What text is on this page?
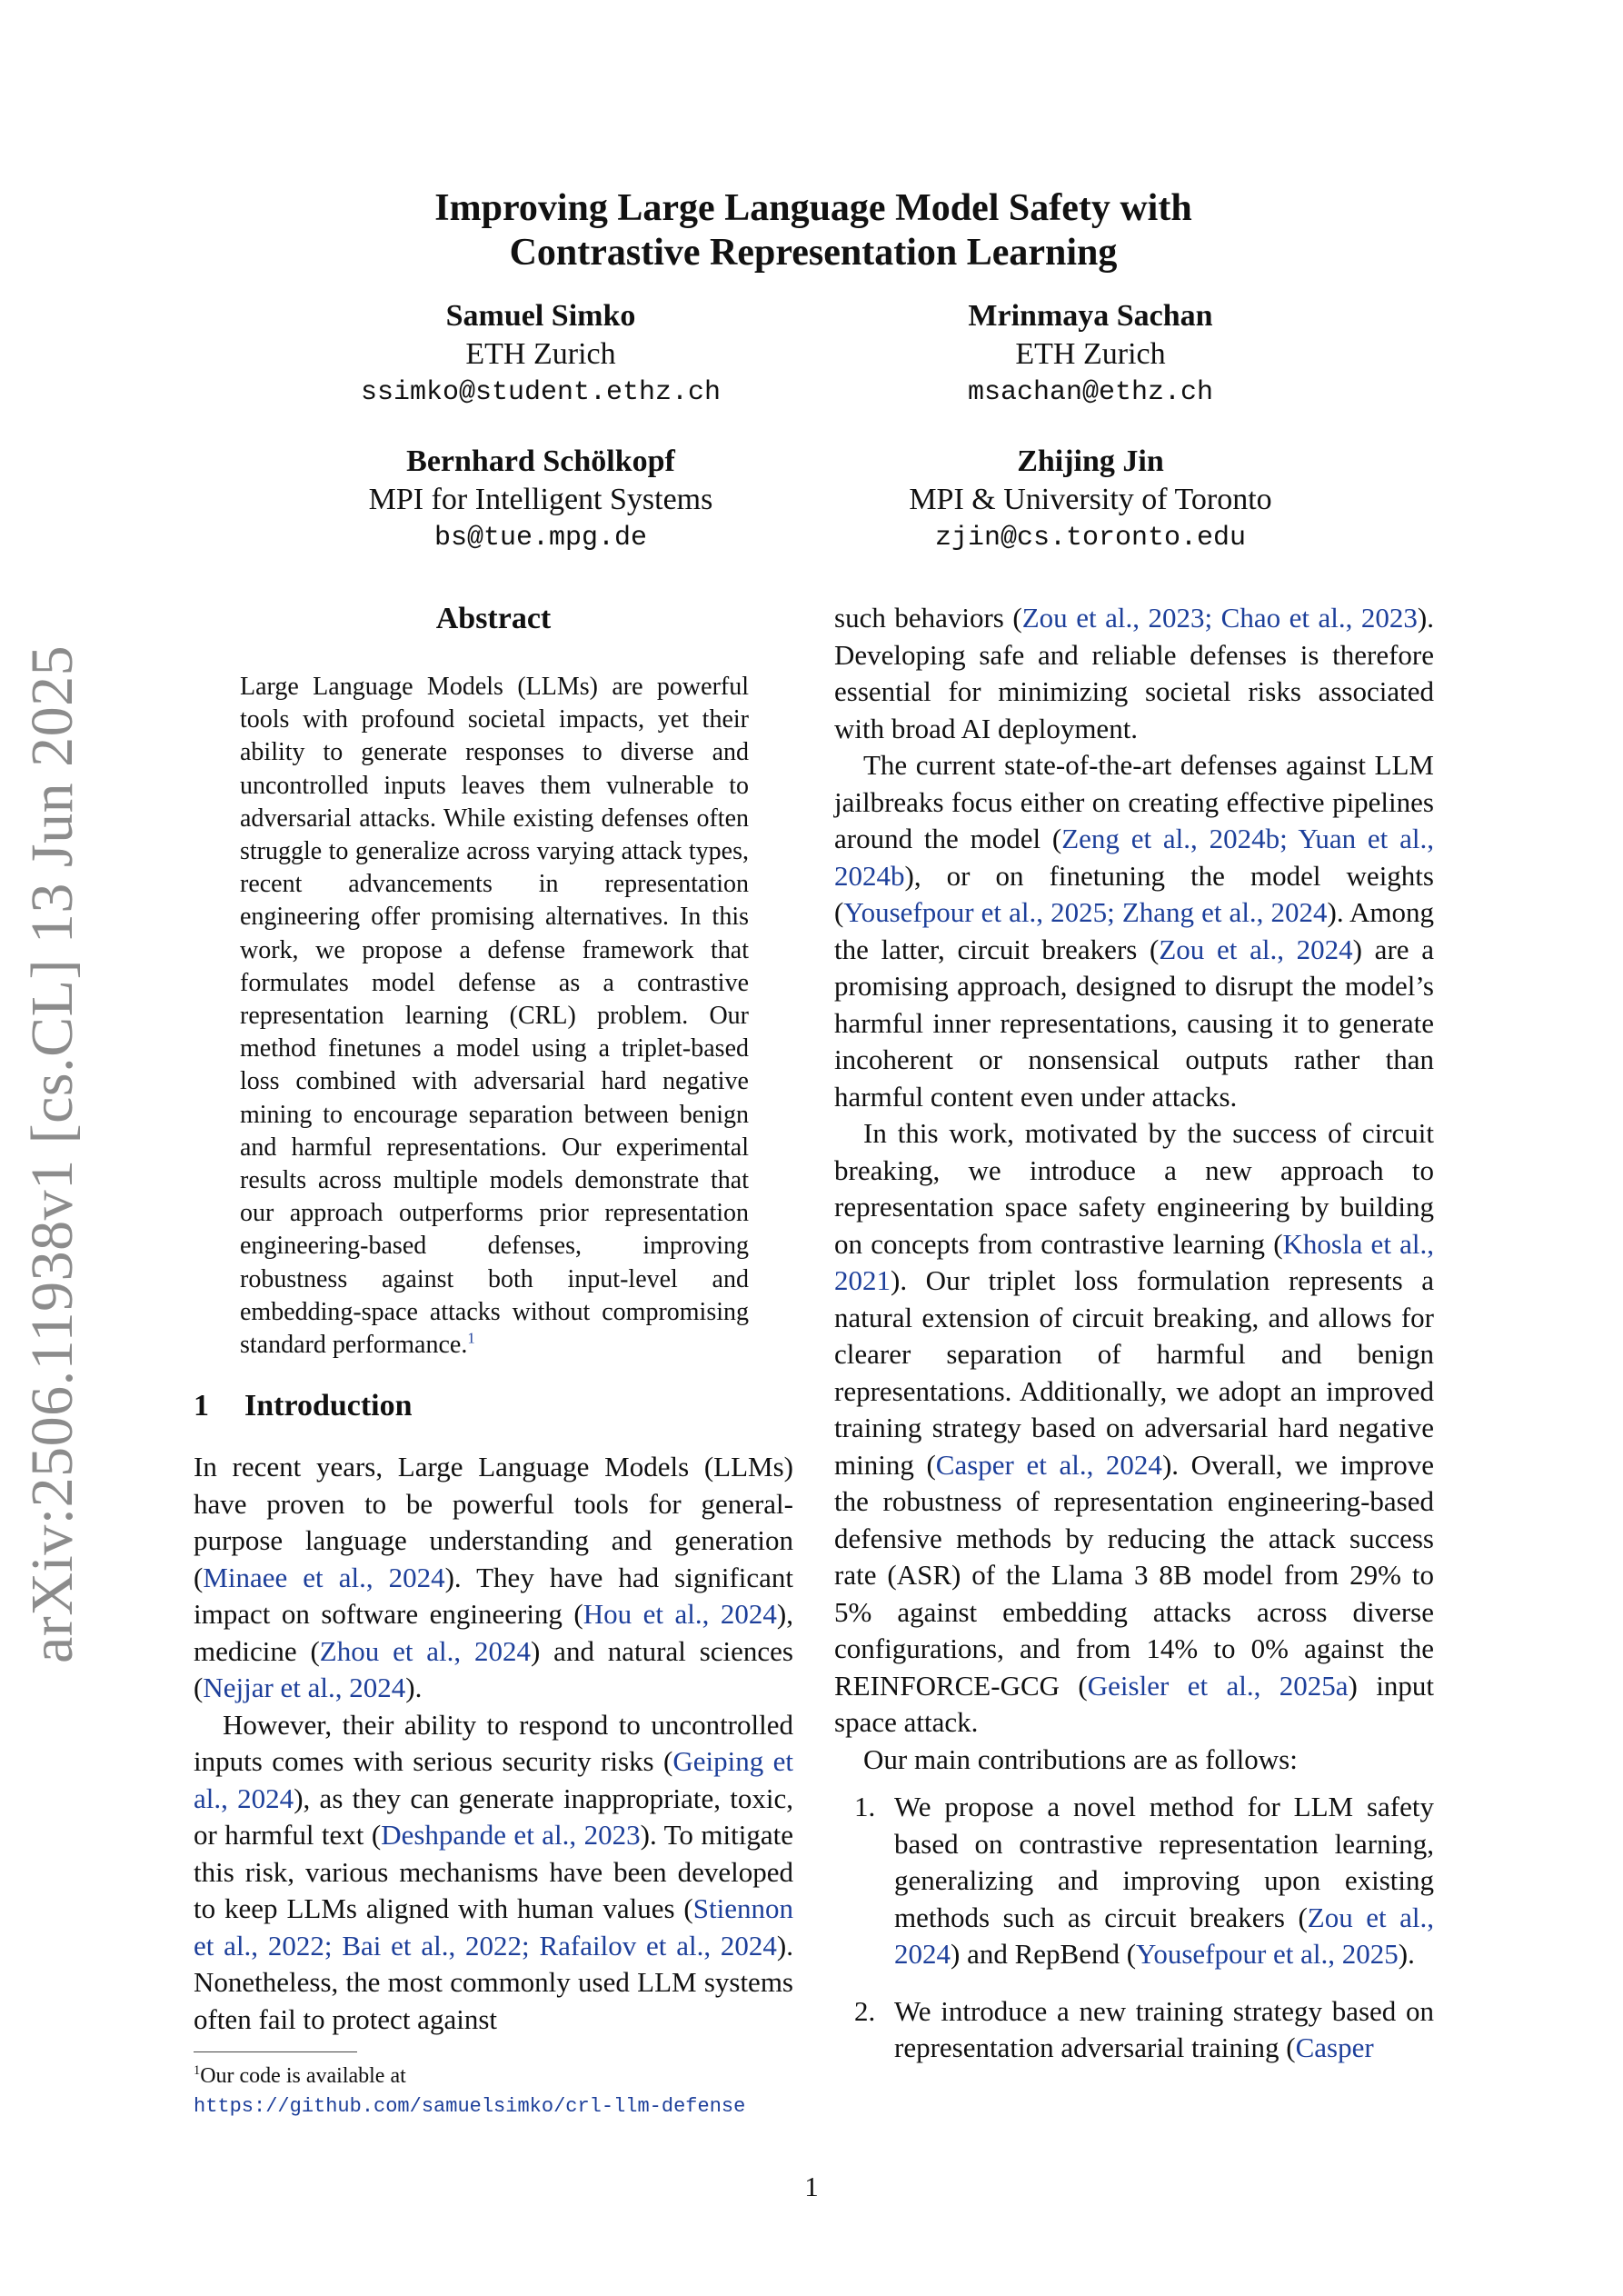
arXiv:2506.11938v1 [cs.CL] 13 Jun 2025
Improving Large Language Model Safety with
Contrastive Representation Learning
Samuel Simko
ETH Zurich
ssimko@student.ethz.ch
Mrinmaya Sachan
ETH Zurich
msachan@ethz.ch
Bernhard Schölkopf
MPI for Intelligent Systems
bs@tue.mpg.de
Zhijing Jin
MPI & University of Toronto
zjin@cs.toronto.edu
Abstract
Large Language Models (LLMs) are powerful tools with profound societal impacts, yet their ability to generate responses to diverse and uncontrolled inputs leaves them vulnerable to adversarial attacks. While existing defenses often struggle to generalize across varying attack types, recent advancements in representation engineering offer promising alternatives. In this work, we propose a defense framework that formulates model defense as a contrastive representation learning (CRL) problem. Our method finetunes a model using a triplet-based loss combined with adversarial hard negative mining to encourage separation between benign and harmful representations. Our experimental results across multiple models demonstrate that our approach outperforms prior representation engineering-based defenses, improving robustness against both input-level and embedding-space attacks without compromising standard performance.$^1$
1 Introduction

In recent years, Large Language Models (LLMs) have proven to be powerful tools for general-purpose language understanding and generation (Minaee et al., 2024). They have had significant impact on software engineering (Hou et al., 2024), medicine (Zhou et al., 2024) and natural sciences (Nejjar et al., 2024).

However, their ability to respond to uncontrolled inputs comes with serious security risks (Geiping et al., 2024), as they can generate inappropriate, toxic, or harmful text (Deshpande et al., 2023). To mitigate this risk, various mechanisms have been developed to keep LLMs aligned with human values (Stiennon et al., 2022; Bai et al., 2022; Rafailov et al., 2024). Nonetheless, the most commonly used LLM systems often fail to protect against

$^1$Our code is available at https://github.com/samuelsimko/crl-llm-defense

such behaviors (Zou et al., 2023; Chao et al., 2023). Developing safe and reliable defenses is therefore essential for minimizing societal risks associated with broad AI deployment.

The current state-of-the-art defenses against LLM jailbreaks focus either on creating effective pipelines around the model (Zeng et al., 2024b; Yuan et al., 2024b), or on finetuning the model weights (Yousefpour et al., 2025; Zhang et al., 2024). Among the latter, circuit breakers (Zou et al., 2024) are a promising approach, designed to disrupt the model’s harmful inner representations, causing it to generate incoherent or nonsensical outputs rather than harmful content even under attacks.

In this work, motivated by the success of circuit breaking, we introduce a new approach to representation space safety engineering by building on concepts from contrastive learning (Khosla et al., 2021). Our triplet loss formulation represents a natural extension of circuit breaking, and allows for clearer separation of harmful and benign representations. Additionally, we adopt an improved training strategy based on adversarial hard negative mining (Casper et al., 2024). Overall, we improve the robustness of representation engineering-based defensive methods by reducing the attack success rate (ASR) of the Llama 3 8B model from 29% to 5% against embedding attacks across diverse configurations, and from 14% to 0% against the REINFORCE-GCG (Geisler et al., 2025a) input space attack.

Our main contributions are as follows:

1. We propose a novel method for LLM safety based on contrastive representation learning, generalizing and improving upon existing methods such as circuit breakers (Zou et al., 2024) and RepBend (Yousefpour et al., 2025).
2. We introduce a new training strategy based on representation adversarial training (Casper
1
